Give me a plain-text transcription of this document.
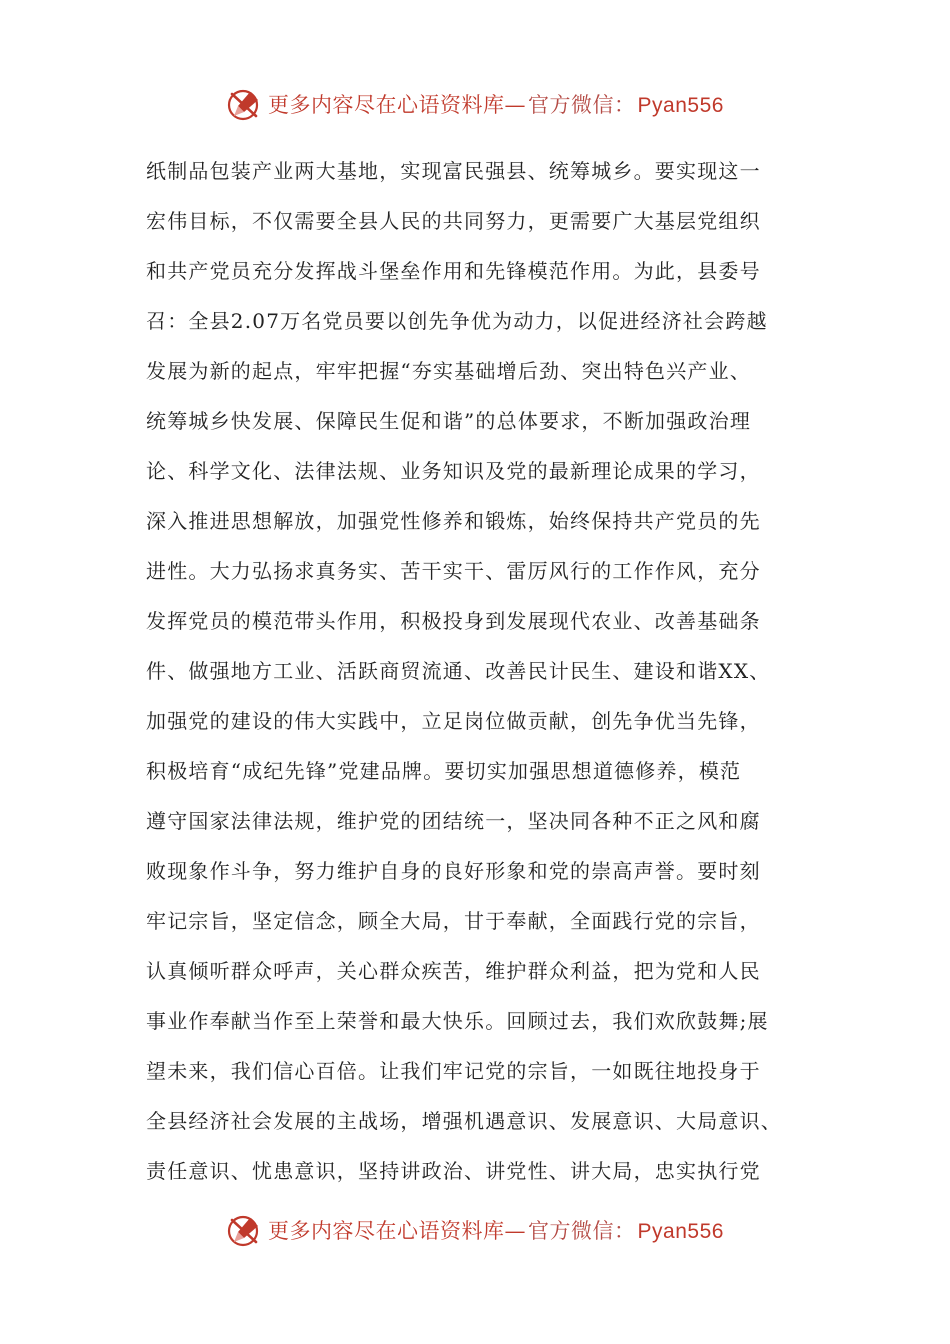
更多内容尽在心语资料库—官方微信：Pyan556
纸制品包装产业两大基地，实现富民强县、统筹城乡。要实现这一
宏伟目标，不仅需要全县人民的共同努力，更需要广大基层党组织
和共产党员充分发挥战斗堡垒作用和先锋模范作用。为此，县委号
召：全县2.07万名党员要以创先争优为动力，以促进经济社会跨越
发展为新的起点，牢牢把握“夯实基础增后劲、突出特色兴产业、
统筹城乡快发展、保障民生促和谐”的总体要求，不断加强政治理
论、科学文化、法律法规、业务知识及党的最新理论成果的学习，
深入推进思想解放，加强党性修养和锻炼，始终保持共产党员的先
进性。大力弘扬求真务实、苦干实干、雷厉风行的工作作风，充分
发挥党员的模范带头作用，积极投身到发展现代农业、改善基础条
件、做强地方工业、活跃商贸流通、改善民计民生、建设和谐XX、
加强党的建设的伟大实践中，立足岗位做贡献，创先争优当先锋，
积极培育“成纪先锋”党建品牌。要切实加强思想道德修养，模范
遵守国家法律法规，维护党的团结统一，坚决同各种不正之风和腐
败现象作斗争，努力维护自身的良好形象和党的崇高声誉。要时刻
牢记宗旨，坚定信念，顾全大局，甘于奉献，全面践行党的宗旨，
认真倾听群众呼声，关心群众疾苦，维护群众利益，把为党和人民
事业作奉献当作至上荣誉和最大快乐。回顾过去，我们欢欣鼓舞;展
望未来，我们信心百倍。让我们牢记党的宗旨，一如既往地投身于
全县经济社会发展的主战场，增强机遇意识、发展意识、大局意识、
责任意识、忧患意识，坚持讲政治、讲党性、讲大局，忠实执行党
更多内容尽在心语资料库—官方微信：Pyan556
